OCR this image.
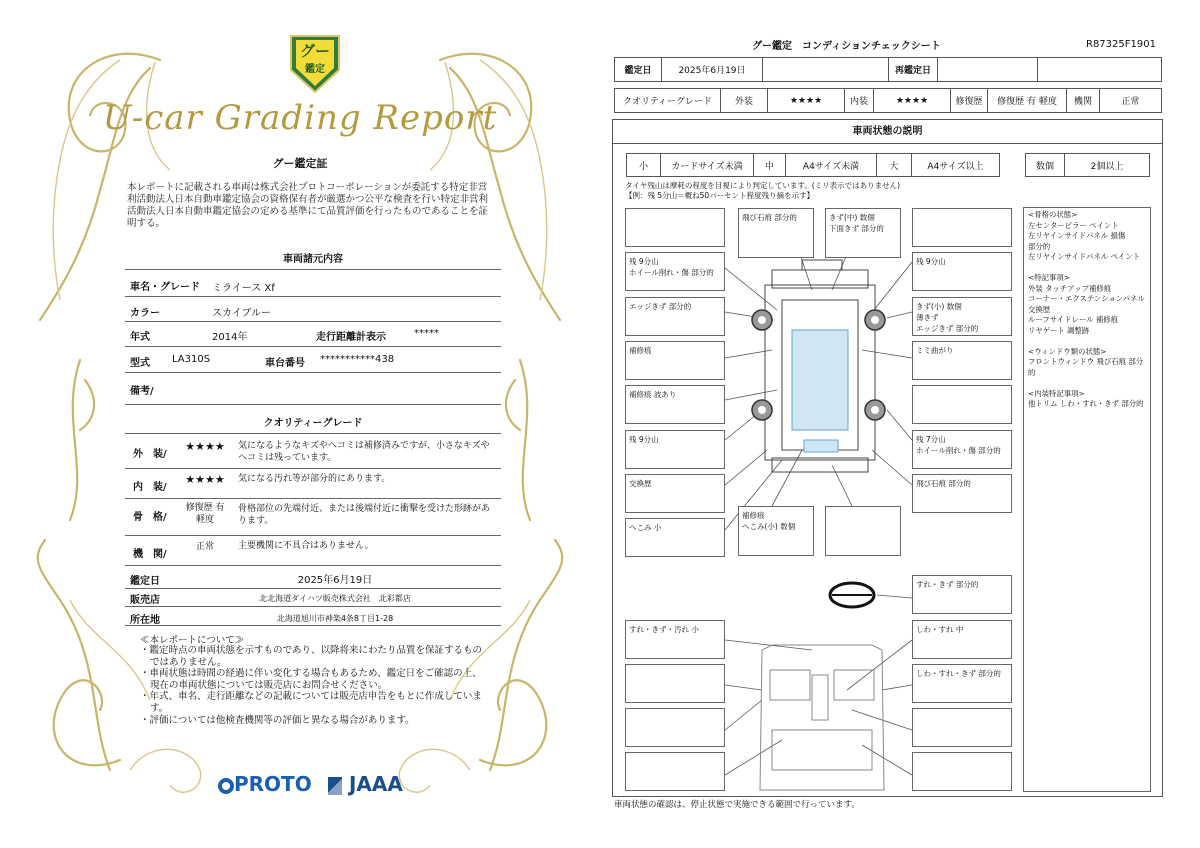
グー
鑑定
U-car Grading Report
グー鑑定証
本レポートに記載される車両は株式会社プロトコーポレーションが委託する特定非営利活動法人日本自動車鑑定協会の資格保有者が厳選かつ公平な検査を行い特定非営利活動法人日本自動車鑑定協会の定める基準にて品質評価を行ったものであることを証明する。
車両諸元内容
車名・グレード ミライース Xf
カラー	スカイブルー
年式	2014年	走行距離計表示	*****
型式 LA310S	車台番号 ***********438
備考/
クオリティーグレード
外　装/
★★★★	気になるようなキズやヘコミは補修済みですが、小さなキズやヘコミは残っています。
内　装/
★★★★	気になる汚れ等が部分的にあります。
骨　格/
修復歴 有 軽度
骨格部位の先端付近、または後端付近に衝撃を受けた形跡があります。
機　関/
正常	主要機関に不具合はありません。
鑑定日	2025年6月19日
販売店	北北海道ダイハツ販売株式会社　北彩都店
所在地	北海道旭川市神楽4条8丁目1-28
≪本レポートについて≫
・鑑定時点の車両状態を示すものであり、以降将来にわたり品質を保証するものではありません。
・車両状態は時間の経過に伴い変化する場合もあるため、鑑定日をご確認の上、現在の車両状態については販売店にお問合せください。
・年式、車名、走行距離などの記載については販売店申告をもとに作成しています。
・評価については他検査機関等の評価と異なる場合があります。
PROTO	JAAA
グー鑑定　コンディションチェックシート	R87325F1901
鑑定日	2025年6月19日	再鑑定日
クオリティーグレード	外装	★★★★	内装	★★★★	修復歴	修復歴 有 軽度	機関	正常
車両状態の説明
小	カードサイズ未満	中	A4サイズ未満	大	A4サイズ以上	数個	2個以上
タイヤ残山は摩耗の程度を目視により判定しています。(ミリ表示ではありません)
【例：残 5分山＝概ね50パーセント程度残り摘を示す】
残 9分山
ホイール削れ・傷 部分的
エッジきず 部分的
補修痕
補修痕 波あり
残 9分山
交換歴
へこみ 小
残 9分山
きず(小) 数個
薄きず
エッジきず 部分的
ミミ曲がり
残 7分山
ホイール削れ・傷 部分的
飛び石痕 部分的
飛び石痕 部分的	きず(中) 数個
下面きず 部分的
補修痕
へこみ(小) 数個
すれ・きず 部分的
すれ・きず・汚れ 小	しわ・すれ 中
しわ・すれ・きず 部分的
<骨格の状態>
左センターピラー ペイント
左リヤインサイドパネル 損傷
部分的
左リヤインサイドパネル ペイント

<特記事項>
外装 タッチアップ補修痕
コーナー・エクステンションパネル
交換歴
ルーフサイドレール 補修痕
リヤゲート 調整跡

<ウィンドウ類の状態>
フロントウィンドウ 飛び石痕 部分的

<内装特記事項>
他トリム しわ・すれ・きず 部分的
車両状態の確認は、停止状態で実施できる範囲で行っています。
